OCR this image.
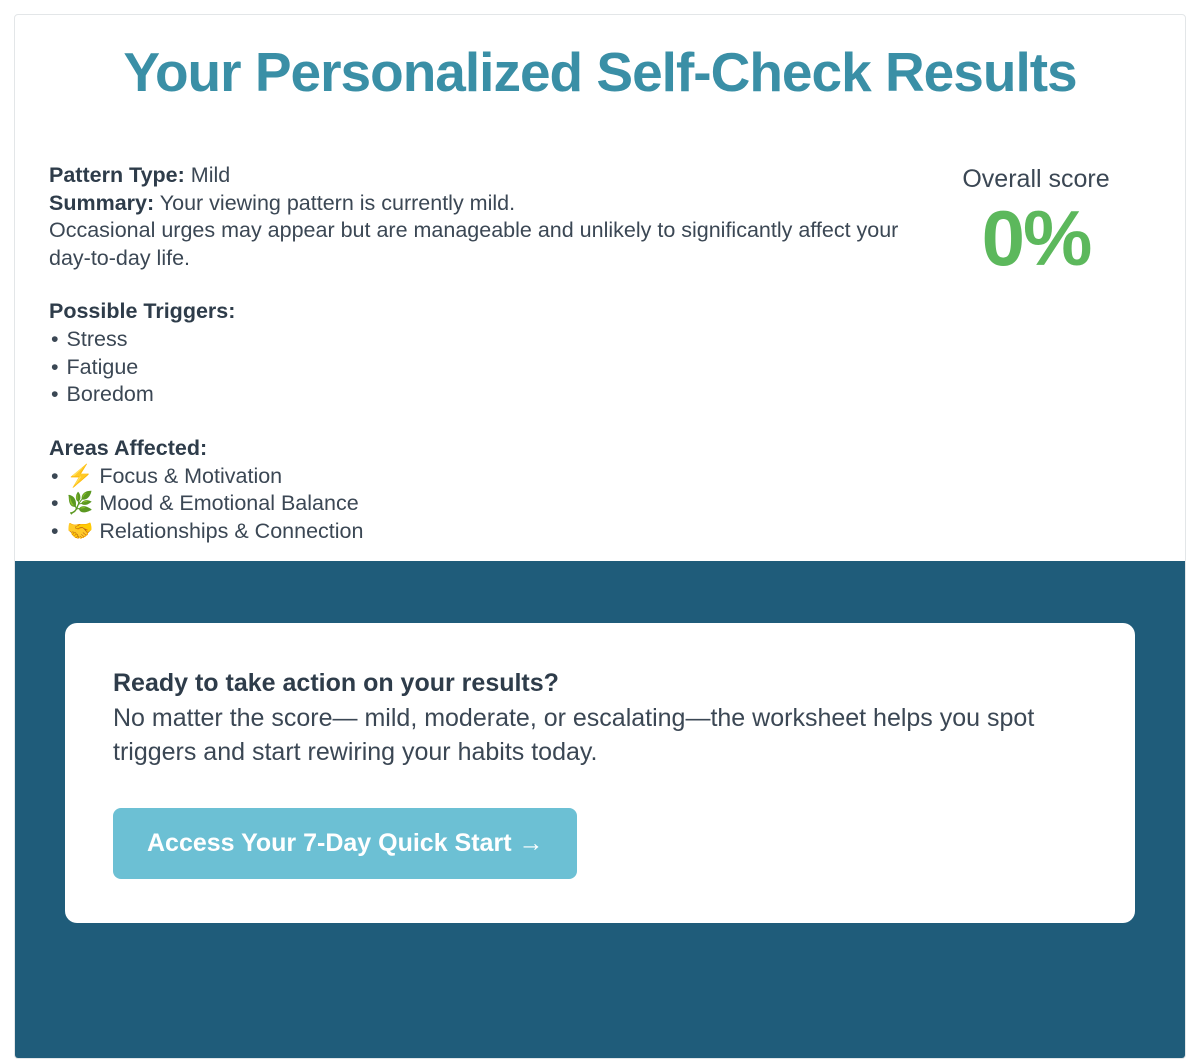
Your Personalized Self-Check Results
Pattern Type: Mild
Summary: Your viewing pattern is currently mild.
Occasional urges may appear but are manageable and unlikely to significantly affect your day-to-day life.
Possible Triggers:
• Stress
• Fatigue
• Boredom
Areas Affected:
• ⚡ Focus & Motivation
• 🌿 Mood & Emotional Balance
• 🤝 Relationships & Connection
Overall score
0%
Ready to take action on your results?
No matter the score— mild, moderate, or escalating—the worksheet helps you spot triggers and start rewiring your habits today.
Access Your 7-Day Quick Start →
